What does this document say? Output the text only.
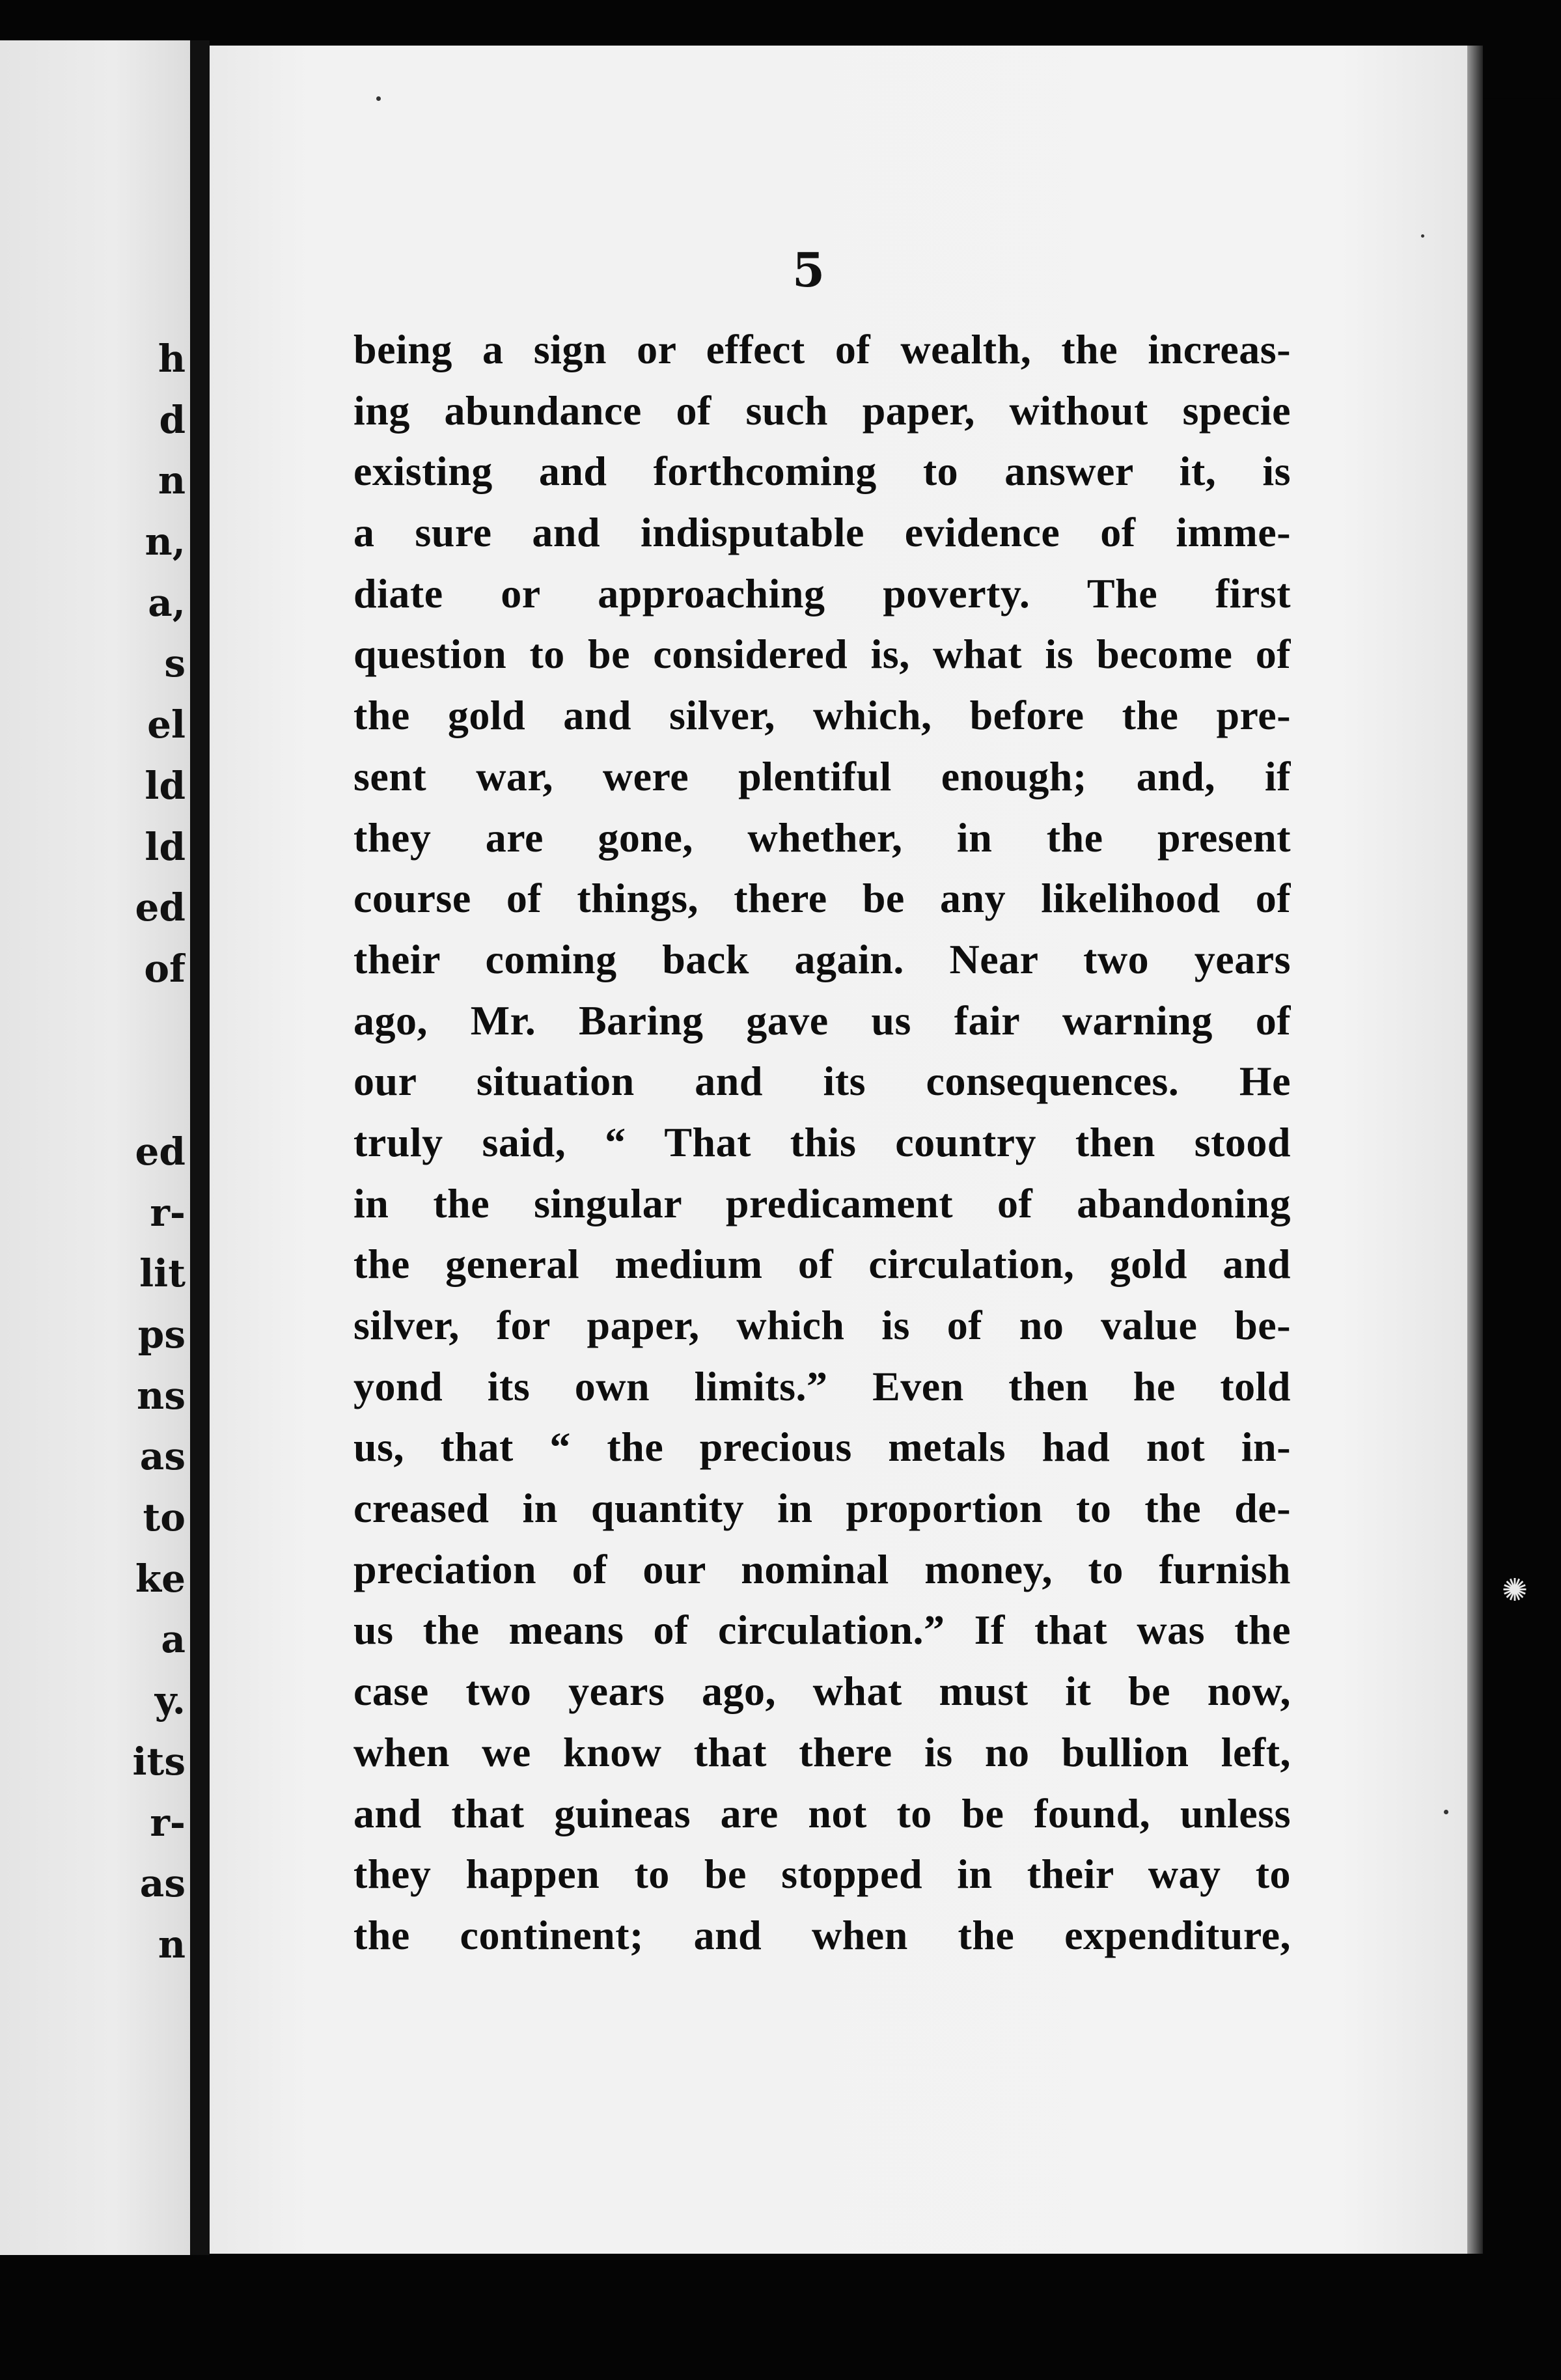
h
d
n
n,
a,
s
el
ld
ld
ed
of
ed
r-
lit
ps
ns
as
to
ke
a
y.
its
r-
as
n
5
being a sign or effect of wealth, the increas-
ing abundance of such paper, without specie
existing and forthcoming to answer it, is
a sure and indisputable evidence of imme-
diate or approaching poverty. The first
question to be considered is, what is become of
the gold and silver, which, before the pre-
sent war, were plentiful enough; and, if
they are gone, whether, in the present
course of things, there be any likelihood of
their coming back again. Near two years
ago, Mr. Baring gave us fair warning of
our situation and its consequences. He
truly said, “ That this country then stood
in the singular predicament of abandoning
the general medium of circulation, gold and
silver, for paper, which is of no value be-
yond its own limits.” Even then he told
us, that “ the precious metals had not in-
creased in quantity in proportion to the de-
preciation of our nominal money, to furnish
us the means of circulation.” If that was the
case two years ago, what must it be now,
when we know that there is no bullion left,
and that guineas are not to be found, unless
they happen to be stopped in their way to
the continent; and when the expenditure,
✺
